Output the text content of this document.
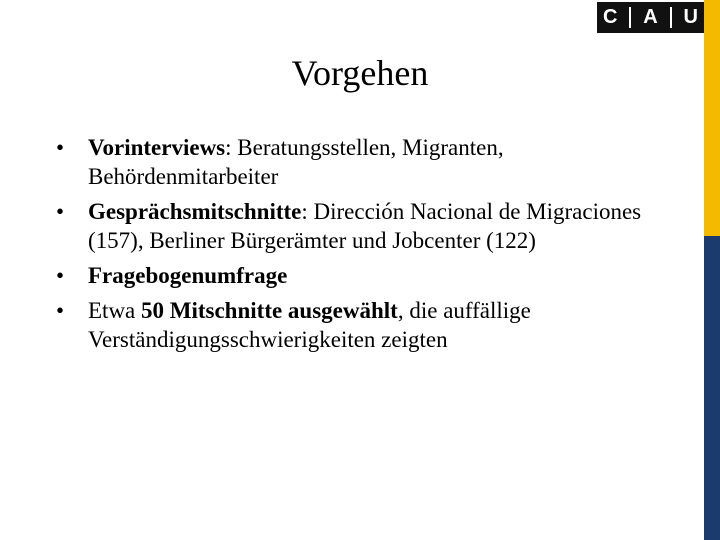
C A U
Vorgehen
• Vorinterviews: Beratungsstellen, Migranten, Behördenmitarbeiter
• Gesprächsmitschnitte: Dirección Nacional de Migraciones (157), Berliner Bürgerämter und Jobcenter (122)
• Fragebogenumfrage
• Etwa 50 Mitschnitte ausgewählt, die auffällige Verständigungsschwierigkeiten zeigten
